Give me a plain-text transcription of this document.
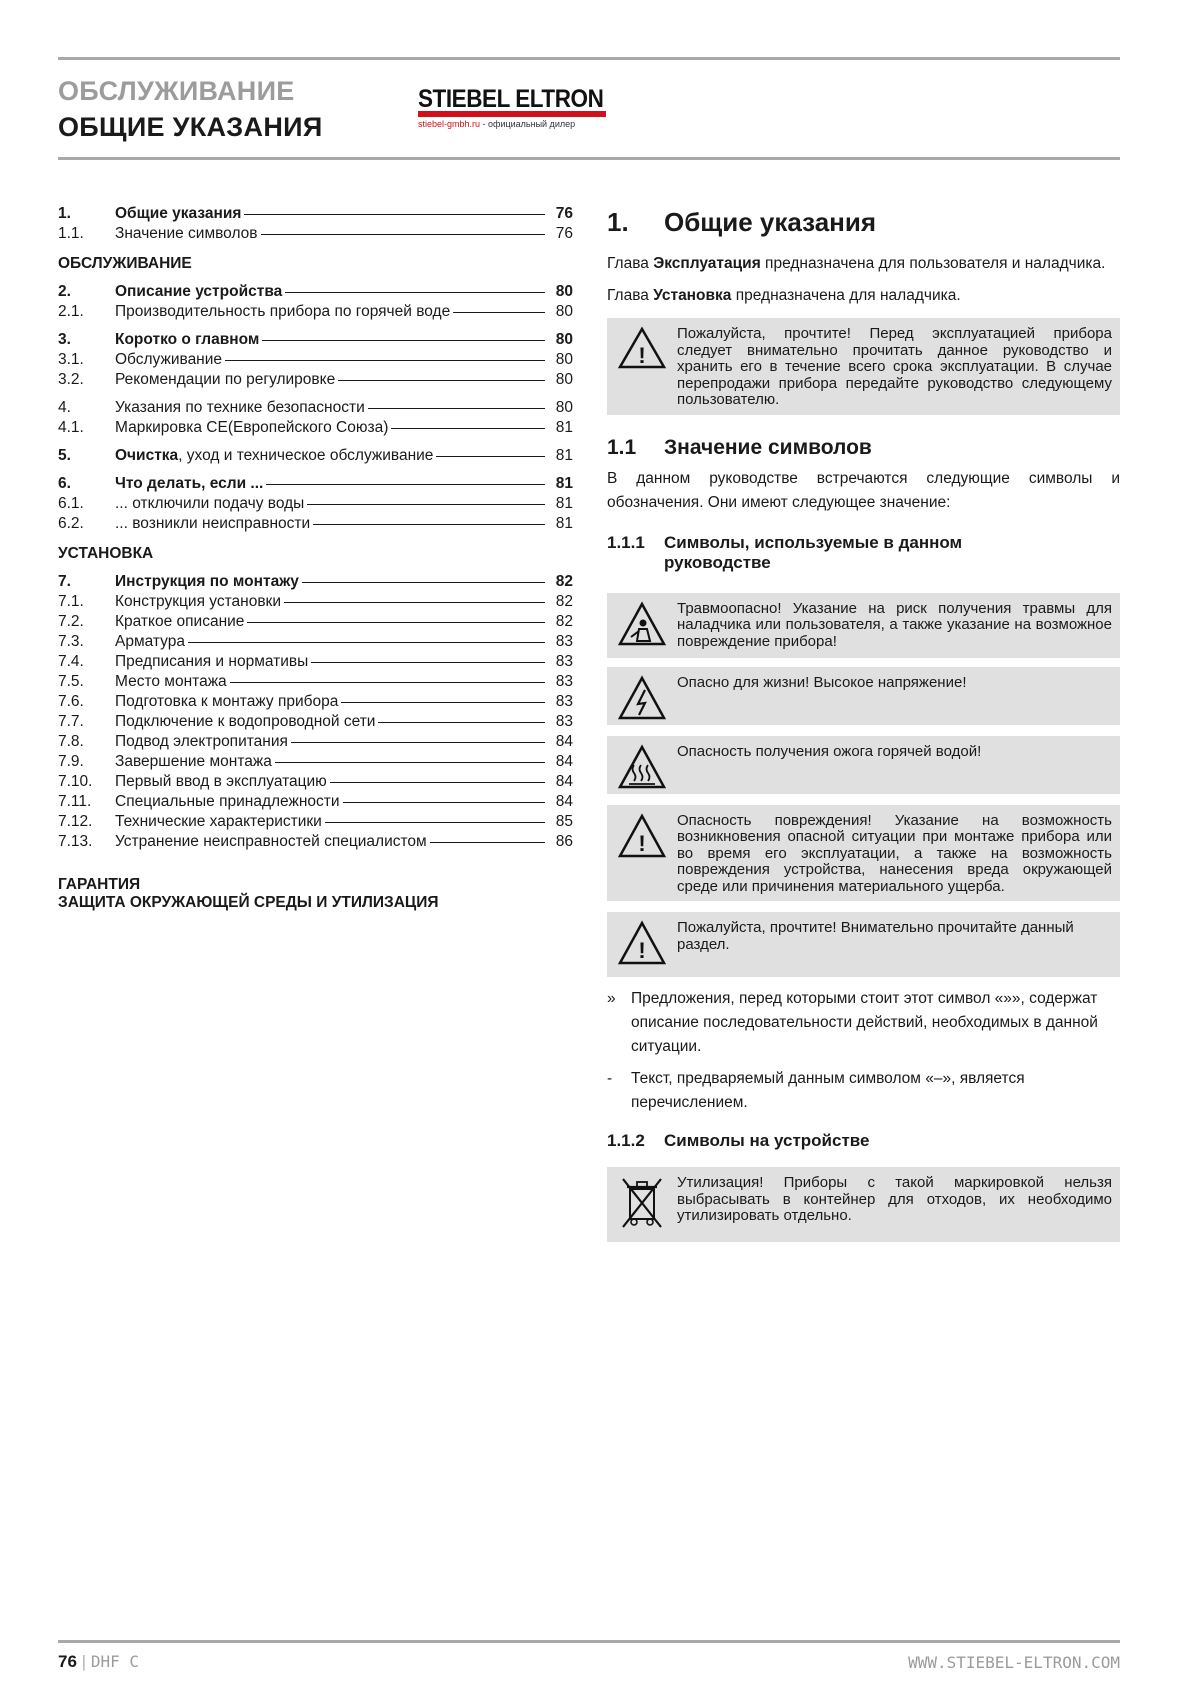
ОБСЛУЖИВАНИЕ
ОБЩИЕ УКАЗАНИЯ
STIEBEL ELTRON
stiebel-gmbh.ru - официальный дилер
1.	Общие указания	76
1.1.	Значение символов	76
ОБСЛУЖИВАНИЕ
2.	Описание устройства	80
2.1.	Производительность прибора по горячей воде	80
3.	Коротко о главном	80
3.1.	Обслуживание	80
3.2.	Рекомендации по регулировке	80
4.	Указания по технике безопасности	80
4.1.	Маркировка CE(Европейского Союза)	81
5.	Очистка, уход и техническое обслуживание	81
6.	Что делать, если ...	81
6.1.	... отключили подачу воды	81
6.2.	... возникли неисправности	81
УСТАНОВКА
7.	Инструкция по монтажу	82
7.1.	Конструкция установки	82
7.2.	Краткое описание	82
7.3.	Арматура	83
7.4.	Предписания и нормативы	83
7.5.	Место монтажа	83
7.6.	Подготовка к монтажу прибора	83
7.7.	Подключение к водопроводной сети	83
7.8.	Подвод электропитания	84
7.9.	Завершение монтажа	84
7.10.	Первый ввод в эксплуатацию	84
7.11.	Специальные принадлежности	84
7.12.	Технические характеристики	85
7.13.	Устранение неисправностей специалистом	86
ГАРАНТИЯ
ЗАЩИТА ОКРУЖАЮЩЕЙ СРЕДЫ И УТИЛИЗАЦИЯ
1.	Общие указания
Глава Эксплуатация предназначена для пользователя и наладчика.
Глава Установка предназначена для наладчика.
!
Пожалуйста, прочтите! Перед эксплуатацией прибора следует внимательно прочитать данное руководство и хранить его в течение всего срока эксплуатации. В случае перепродажи прибора передайте руководство следующему пользователю.
1.1	Значение символов
В данном руководстве встречаются следующие символы и обозначения. Они имеют следующее значение:
1.1.1	Символы, используемые в данном руководстве
Травмоопасно! Указание на риск получения травмы для наладчика или пользователя, а также указание на возможное повреждение прибора!
Опасно для жизни! Высокое напряжение!
Опасность получения ожога горячей водой!
!
Опасность повреждения! Указание на возможность возникновения опасной ситуации при монтаже прибора или во время его эксплуатации, а также на возможность повреждения устройства, нанесения вреда окружающей среде или причинения материального ущерба.
!
Пожалуйста, прочтите! Внимательно прочитайте данный раздел.
» Предложения, перед которыми стоит этот символ «»», содержат описание последовательности действий, необходимых в данной ситуации.
-	Текст, предваряемый данным символом «–», является перечислением.
1.1.2	Символы на устройстве
Утилизация! Приборы с такой маркировкой нельзя выбрасывать в контейнер для отходов, их необходимо утилизировать отдельно.
76 | DHF C	WWW.STIEBEL-ELTRON.COM
